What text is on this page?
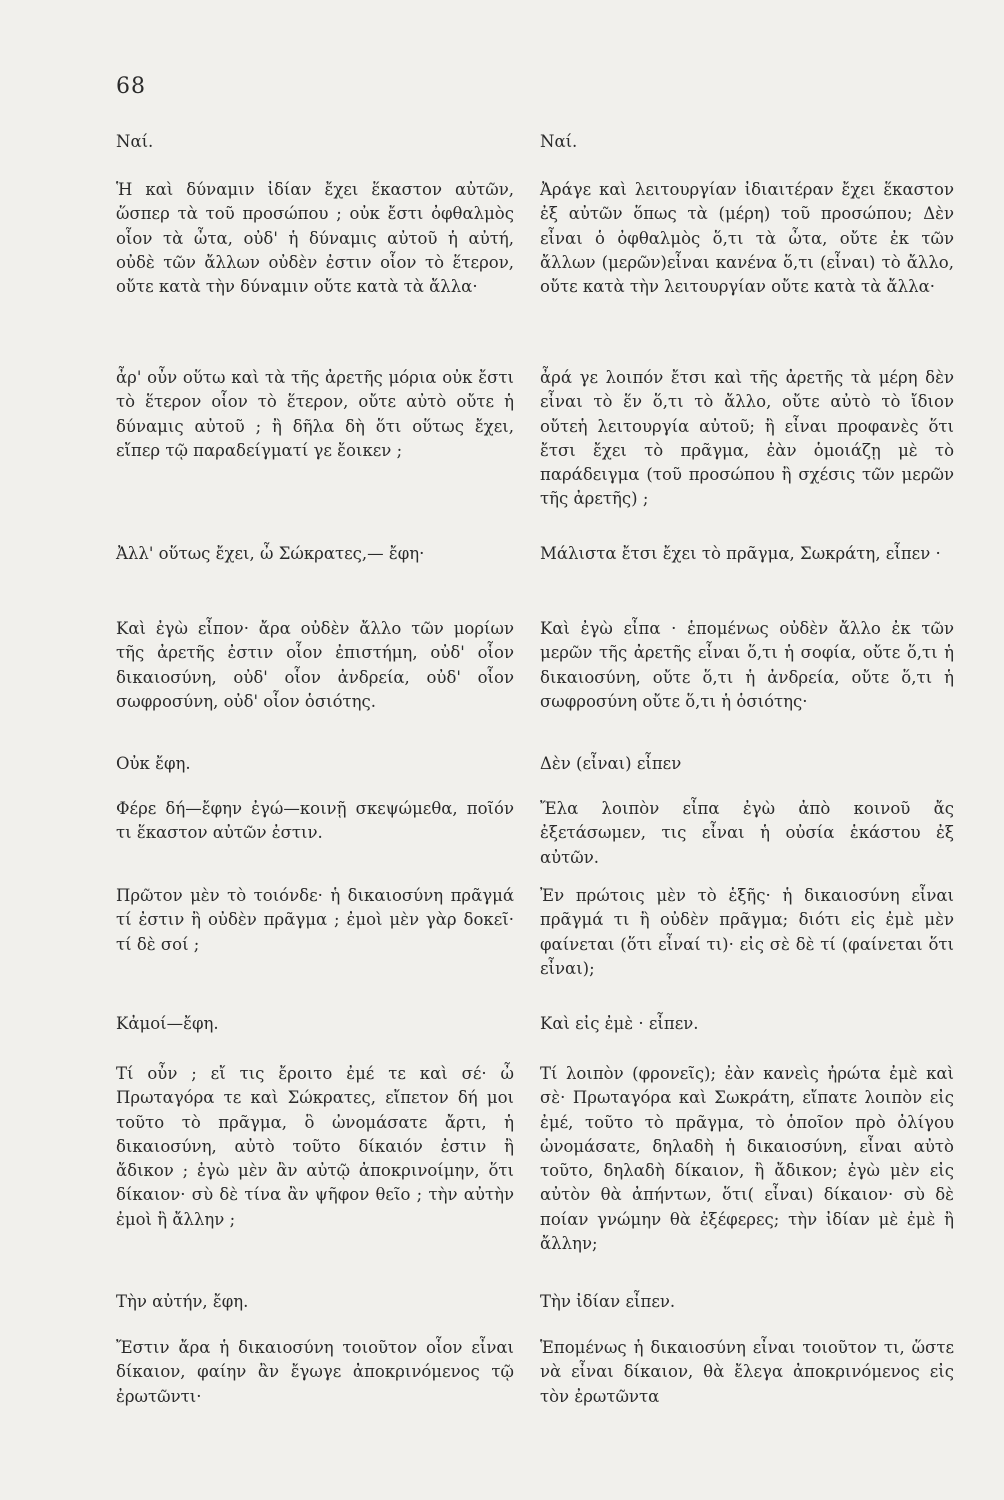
68

Ναί.

Ἡ καὶ δύναμιν ἰδίαν ἔχει ἕκαστον αὐτῶν, ὥσπερ τὰ τοῦ προσώπου ; οὐκ ἔστι ὀφθαλμὸς οἷον τὰ ὦτα, οὐδ' ἡ δύναμις αὐτοῦ ἡ αὐτή, οὐδὲ τῶν ἄλλων οὐδὲν ἐστιν οἷον τὸ ἕτερον, οὔτε κατὰ τὴν δύναμιν οὔτε κατὰ τὰ ἄλλα·

ἆρ' οὖν οὕτω καὶ τὰ τῆς ἀρετῆς μόρια οὐκ ἔστι τὸ ἕτερον οἷον τὸ ἕτερον, οὔτε αὐτὸ οὔτε ἡ δύναμις αὐτοῦ ; ἢ δῆλα δὴ ὅτι οὕτως ἔχει, εἴπερ τῷ παραδείγματί γε ἔοικεν ;

Ἀλλ' οὕτως ἔχει, ὦ Σώκρατες,— ἔφη·

Καὶ ἐγὼ εἶπον· ἄρα οὐδὲν ἄλλο τῶν μορίων τῆς ἀρετῆς ἐστιν οἷον ἐπιστήμη, οὐδ' οἷον δικαιοσύνη, οὐδ' οἷον ἀνδρεία, οὐδ' οἷον σωφροσύνη, οὐδ' οἷον ὁσιότης.

Οὐκ ἔφη.

Φέρε δή—ἔφην ἐγώ—κοινῇ σκεψώμεθα, ποῖόν τι ἕκαστον αὐτῶν ἐστιν.

Πρῶτον μὲν τὸ τοιόνδε· ἡ δικαιοσύνη πρᾶγμά τί ἐστιν ἢ οὐδὲν πρᾶγμα ; ἐμοὶ μὲν γὰρ δοκεῖ· τί δὲ σοί ;

Κἀμοί—ἔφη.

Τί οὖν ; εἴ τις ἔροιτο ἐμέ τε καὶ σέ· ὦ Πρωταγόρα τε καὶ Σώκρατες, εἴπετον δή μοι τοῦτο τὸ πρᾶγμα, ὃ ὠνομάσατε ἄρτι, ἡ δικαιοσύνη, αὐτὸ τοῦτο δίκαιόν ἐστιν ἢ ἄδικον ; ἐγὼ μὲν ἂν αὐτῷ ἀποκρινοίμην, ὅτι δίκαιον· σὺ δὲ τίνα ἂν ψῆφον θεῖο ; τὴν αὐτὴν ἐμοὶ ἢ ἄλλην ;

Τὴν αὐτήν, ἔφη.

Ἔστιν ἄρα ἡ δικαιοσύνη τοιοῦτον οἷον εἶναι δίκαιον, φαίην ἂν ἔγωγε ἀποκρινόμενος τῷ ἐρωτῶντι·

Ναί.

Ἀράγε καὶ λειτουργίαν ἰδιαιτέραν ἔχει ἕκαστον ἐξ αὐτῶν ὅπως τὰ (μέρη) τοῦ προσώπου; Δὲν εἶναι ὁ ὀφθαλμὸς ὅ,τι τὰ ὦτα, οὔτε ἐκ τῶν ἄλλων (μερῶν)εἶναι κανένα ὅ,τι (εἶναι) τὸ ἄλλο, οὔτε κατὰ τὴν λειτουργίαν οὔτε κατὰ τὰ ἄλλα·

ἆρά γε λοιπόν ἔτσι καὶ τῆς ἀρετῆς τὰ μέρη δὲν εἶναι τὸ ἕν ὅ,τι τὸ ἄλλο, οὔτε αὐτὸ τὸ ἴδιον οὔτεἡ λειτουργία αὐτοῦ; ἢ εἶναι προφανὲς ὅτι ἔτσι ἔχει τὸ πρᾶγμα, ἐὰν ὁμοιάζῃ μὲ τὸ παράδειγμα (τοῦ προσώπου ἢ σχέσις τῶν μερῶν τῆς ἀρετῆς) ;

Μάλιστα ἔτσι ἔχει τὸ πρᾶγμα, Σωκράτη, εἶπεν ·

Καὶ ἐγὼ εἶπα · ἑπομένως οὐδὲν ἄλλο ἐκ τῶν μερῶν τῆς ἀρετῆς εἶναι ὅ,τι ἡ σοφία, οὔτε ὅ,τι ἡ δικαιοσύνη, οὔτε ὅ,τι ἡ ἀνδρεία, οὔτε ὅ,τι ἡ σωφροσύνη οὔτε ὅ,τι ἡ ὁσιότης·

Δὲν (εἶναι) εἶπεν

Ἔλα λοιπὸν εἶπα ἐγὼ ἀπὸ κοινοῦ ἄς ἐξετάσωμεν, τις εἶναι ἡ οὐσία ἑκάστου ἐξ αὐτῶν.

Ἐν πρώτοις μὲν τὸ ἑξῆς· ἡ δικαιοσύνη εἶναι πρᾶγμά τι ἢ οὐδὲν πρᾶγμα; διότι εἰς ἐμὲ μὲν φαίνεται (ὅτι εἶναί τι)· εἰς σὲ δὲ τί (φαίνεται ὅτι εἶναι);

Καὶ εἰς ἐμὲ · εἶπεν.

Τί λοιπὸν (φρονεῖς); ἐὰν κανεὶς ἠρώτα ἐμὲ καὶ σὲ· Πρωταγόρα καὶ Σωκράτη, εἴπατε λοιπὸν εἰς ἐμέ, τοῦτο τὸ πρᾶγμα, τὸ ὁποῖον πρὸ ὀλίγου ὠνομάσατε, δηλαδὴ ἡ δικαιοσύνη, εἶναι αὐτὸ τοῦτο, δηλαδὴ δίκαιον, ἢ ἄδικον; ἐγὼ μὲν εἰς αὐτὸν θὰ ἀπήντων, ὅτι( εἶναι) δίκαιον· σὺ δὲ ποίαν γνώμην θὰ ἐξέφερες; τὴν ἰδίαν μὲ ἐμὲ ἢ ἄλλην;

Τὴν ἰδίαν εἶπεν.

Ἑπομένως ἡ δικαιοσύνη εἶναι τοιοῦτον τι, ὥστε νὰ εἶναι δίκαιον, θὰ ἔλεγα ἀποκρινόμενος εἰς τὸν ἐρωτῶντα
